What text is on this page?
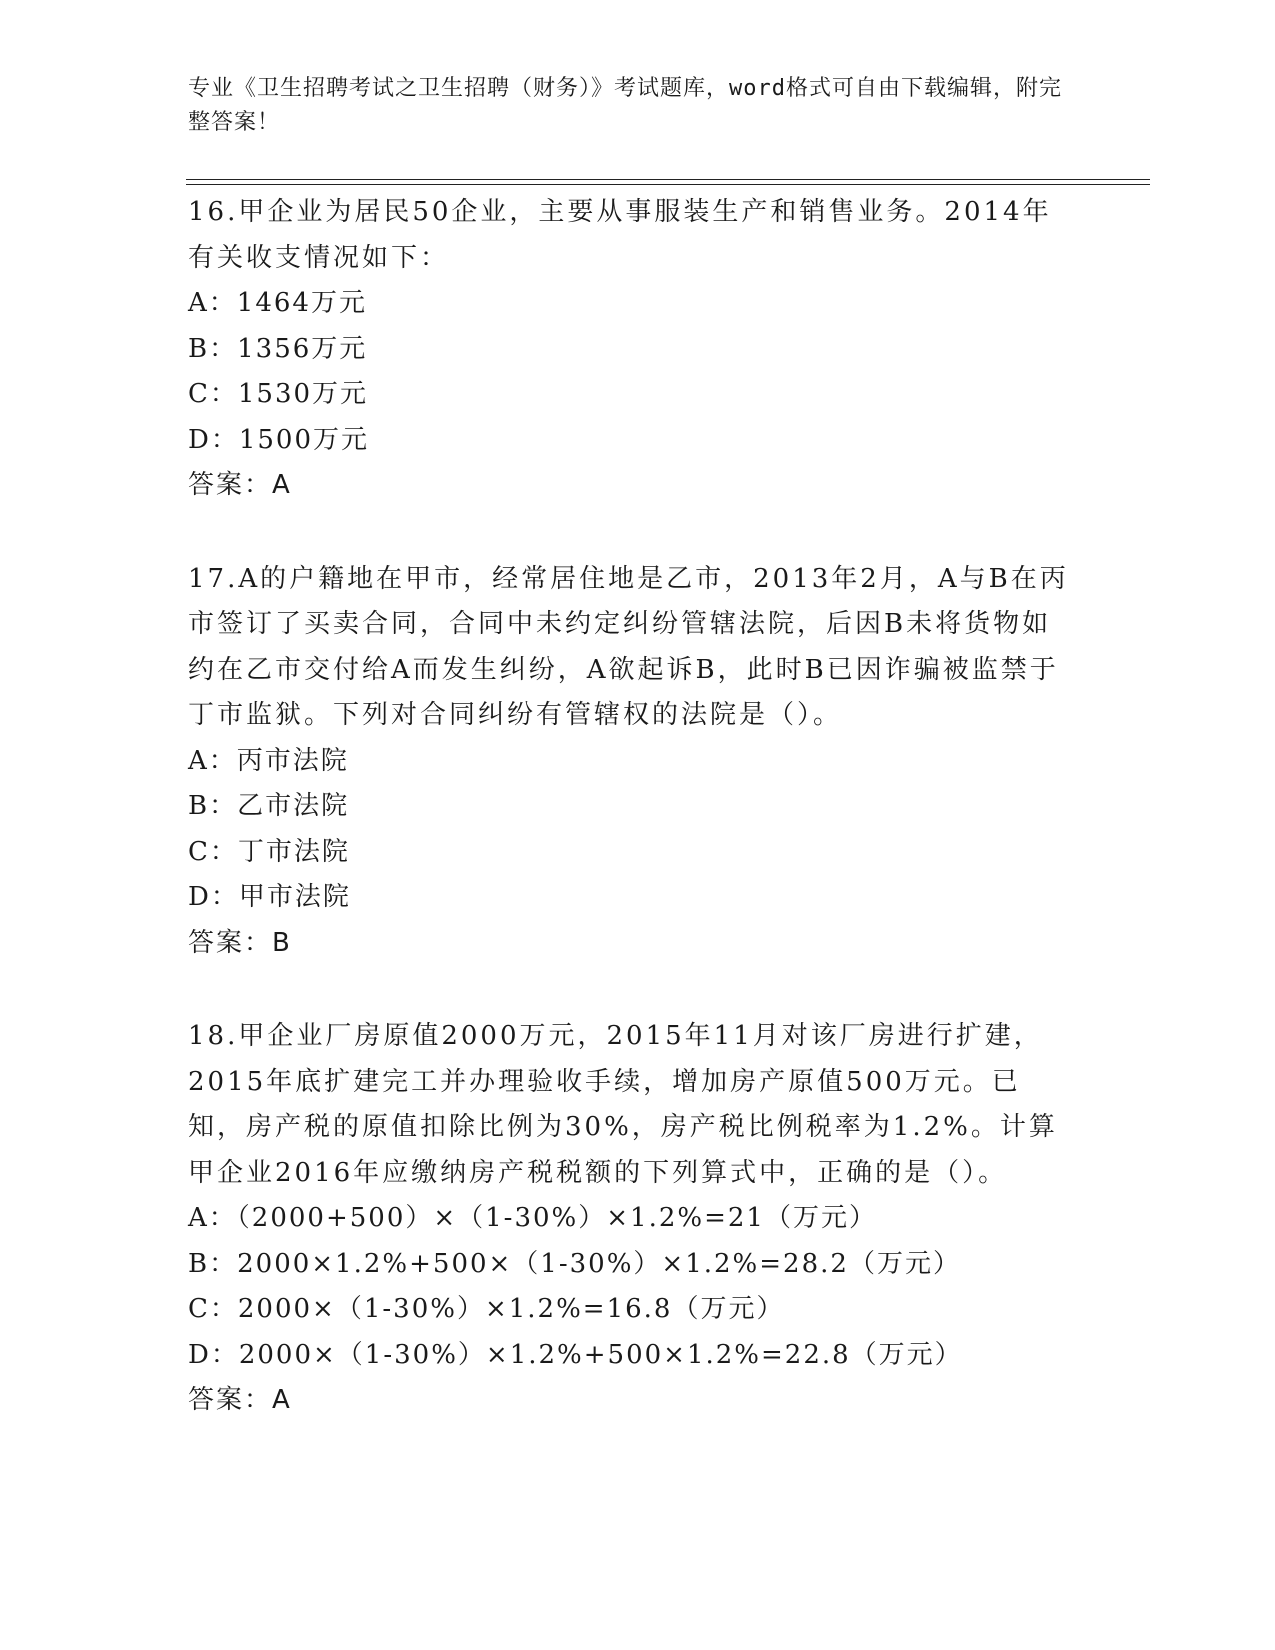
专业《卫生招聘考试之卫生招聘（财务）》考试题库，word格式可自由下载编辑，附完整答案！

16.甲企业为居民50企业，主要从事服装生产和销售业务。2014年有关收支情况如下：

A：1464万元

B：1356万元

C：1530万元

D：1500万元

答案：A

17.A的户籍地在甲市，经常居住地是乙市，2013年2月，A与B在丙市签订了买卖合同，合同中未约定纠纷管辖法院，后因B未将货物如约在乙市交付给A而发生纠纷，A欲起诉B，此时B已因诈骗被监禁于丁市监狱。下列对合同纠纷有管辖权的法院是（）。

A：丙市法院

B：乙市法院

C：丁市法院

D：甲市法院

答案：B

18.甲企业厂房原值2000万元，2015年11月对该厂房进行扩建，2015年底扩建完工并办理验收手续，增加房产原值500万元。已知，房产税的原值扣除比例为30%，房产税比例税率为1.2%。计算甲企业2016年应缴纳房产税税额的下列算式中，正确的是（）。

A：（2000+500）×（1-30%）×1.2%=21（万元）

B：2000×1.2%+500×（1-30%）×1.2%=28.2（万元）

C：2000×（1-30%）×1.2%=16.8（万元）

D：2000×（1-30%）×1.2%+500×1.2%=22.8（万元）

答案：A
